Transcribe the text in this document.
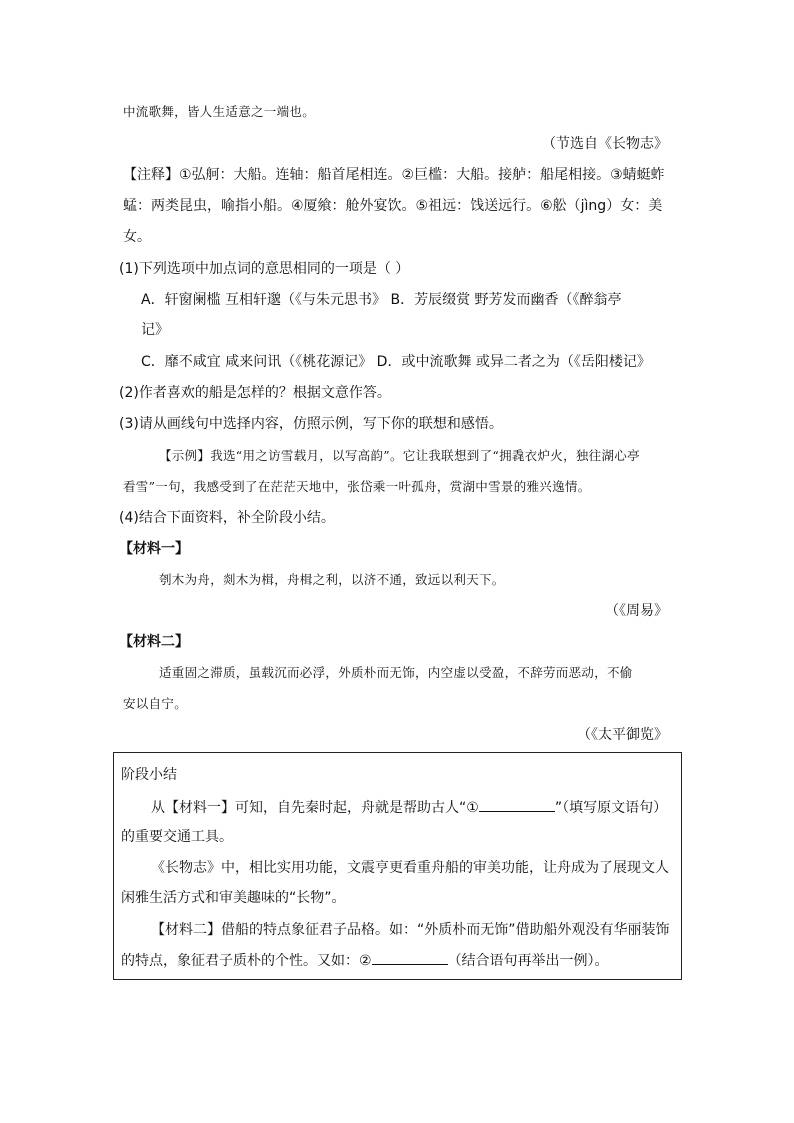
中流歌舞，皆人生适意之一端也。
（节选自《长物志》
【注释】①弘舸：大船。连轴：船首尾相连。②巨槛：大船。接舻：船尾相接。③蜻蜓蚱
蜢：两类昆虫，喻指小船。④厦飨：舱外宴饮。⑤祖远：饯送远行。⑥舩（jìng）女：美
女。
(1)下列选项中加点词的意思相同的一项是（ ）
A．轩窗阑槛 互相轩邈（《与朱元思书》 B．芳辰缀赏 野芳发而幽香（《醉翁亭
记》
C．靡不咸宜 咸来问讯（《桃花源记》 D．或中流歌舞 或异二者之为（《岳阳楼记》
(2)作者喜欢的船是怎样的？根据文意作答。
(3)请从画线句中选择内容，仿照示例，写下你的联想和感悟。
【示例】我选“用之访雪载月，以写高韵”。它让我联想到了“拥毳衣炉火，独往湖心亭
看雪”一句，我感受到了在茫茫天地中，张岱乘一叶孤舟，赏湖中雪景的雅兴逸情。
(4)结合下面资料，补全阶段小结。
【材料一】
刳木为舟，剡木为楫，舟楫之利，以济不通，致远以利天下。
（《周易》
【材料二】
适重固之滞质，虽载沉而必浮，外质朴而无饰，内空虚以受盈，不辞劳而恶动，不偷
安以自宁。
（《太平御览》
阶段小结
从【材料一】可知，自先秦时起，舟就是帮助古人“①	”（填写原文语句）
的重要交通工具。
《长物志》中，相比实用功能，文震亨更看重舟船的审美功能，让舟成为了展现文人
闲雅生活方式和审美趣味的“长物”。
【材料二】借船的特点象征君子品格。如：“外质朴而无饰”借助船外观没有华丽装饰
的特点，象征君子质朴的个性。又如：②	（结合语句再举出一例）。
